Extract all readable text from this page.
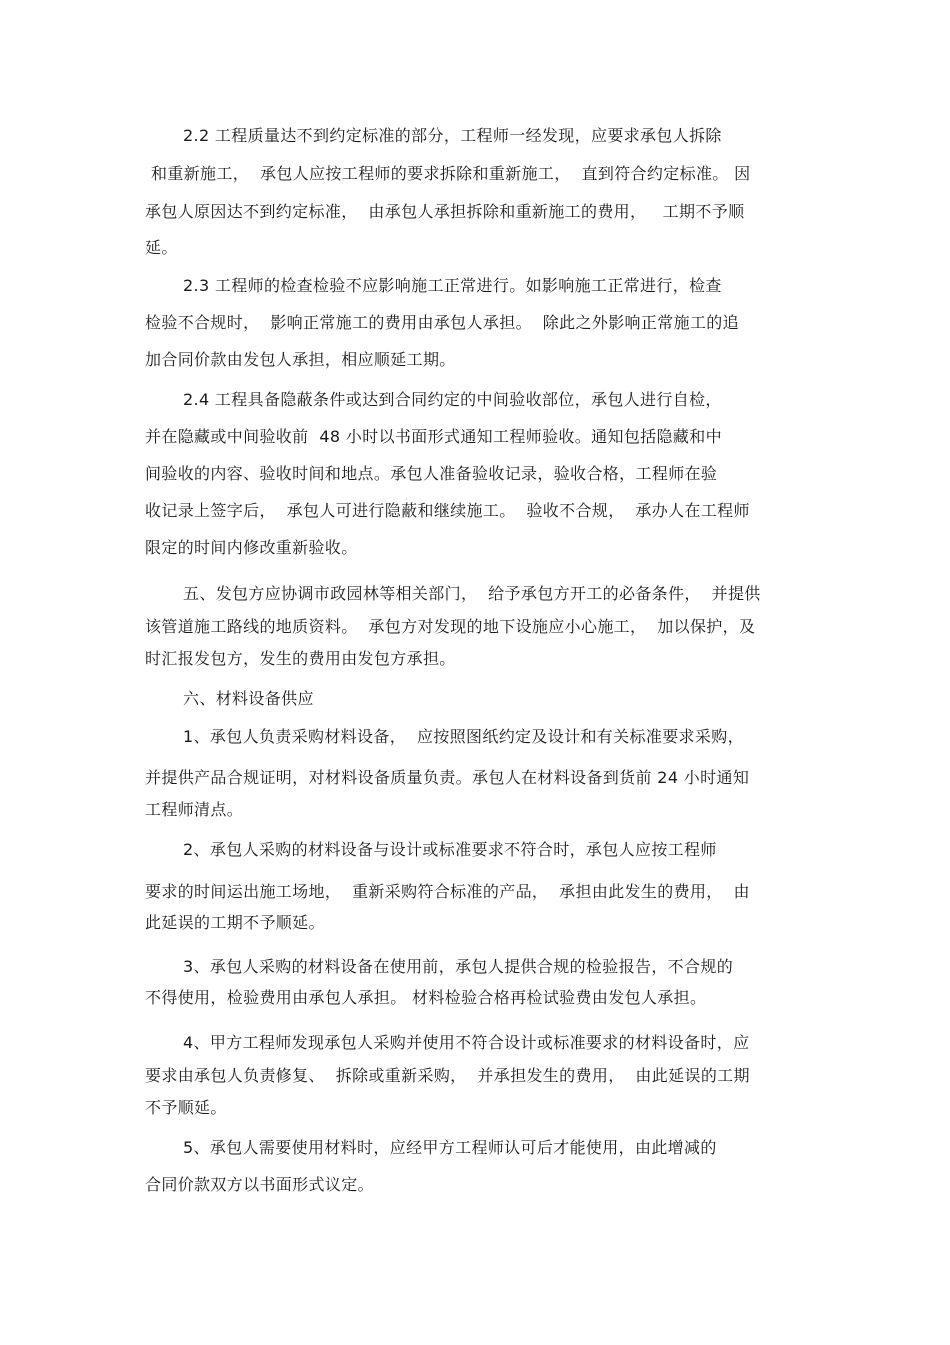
2.2 工程质量达不到约定标准的部分，工程师一经发现，应要求承包人拆除
和重新施工，  承包人应按工程师的要求拆除和重新施工，  直到符合约定标准。 因
承包人原因达不到约定标准，  由承包人承担拆除和重新施工的费用，   工期不予顺
延。
2.3 工程师的检查检验不应影响施工正常进行。如影响施工正常进行，检查
检验不合规时，  影响正常施工的费用由承包人承担。  除此之外影响正常施工的追
加合同价款由发包人承担，相应顺延工期。
2.4 工程具备隐蔽条件或达到合同约定的中间验收部位，承包人进行自检，
并在隐藏或中间验收前  48 小时以书面形式通知工程师验收。通知包括隐藏和中
间验收的内容、验收时间和地点。承包人准备验收记录，验收合格，工程师在验
收记录上签字后，  承包人可进行隐蔽和继续施工。  验收不合规，  承办人在工程师
限定的时间内修改重新验收。
五、发包方应协调市政园林等相关部门，  给予承包方开工的必备条件，  并提供
该管道施工路线的地质资料。  承包方对发现的地下设施应小心施工，  加以保护，及
时汇报发包方，发生的费用由发包方承担。
六、材料设备供应
1、承包人负责采购材料设备，  应按照图纸约定及设计和有关标准要求采购，
并提供产品合规证明，对材料设备质量负责。承包人在材料设备到货前 24 小时通知
工程师清点。
2、承包人采购的材料设备与设计或标准要求不符合时，承包人应按工程师
要求的时间运出施工场地，  重新采购符合标准的产品，  承担由此发生的费用，  由
此延误的工期不予顺延。
3、承包人采购的材料设备在使用前，承包人提供合规的检验报告，不合规的
不得使用，检验费用由承包人承担。 材料检验合格再检试验费由发包人承担。
4、甲方工程师发现承包人采购并使用不符合设计或标准要求的材料设备时，应
要求由承包人负责修复、  拆除或重新采购，  并承担发生的费用，  由此延误的工期
不予顺延。
5、承包人需要使用材料时，应经甲方工程师认可后才能使用，由此增减的
合同价款双方以书面形式议定。
